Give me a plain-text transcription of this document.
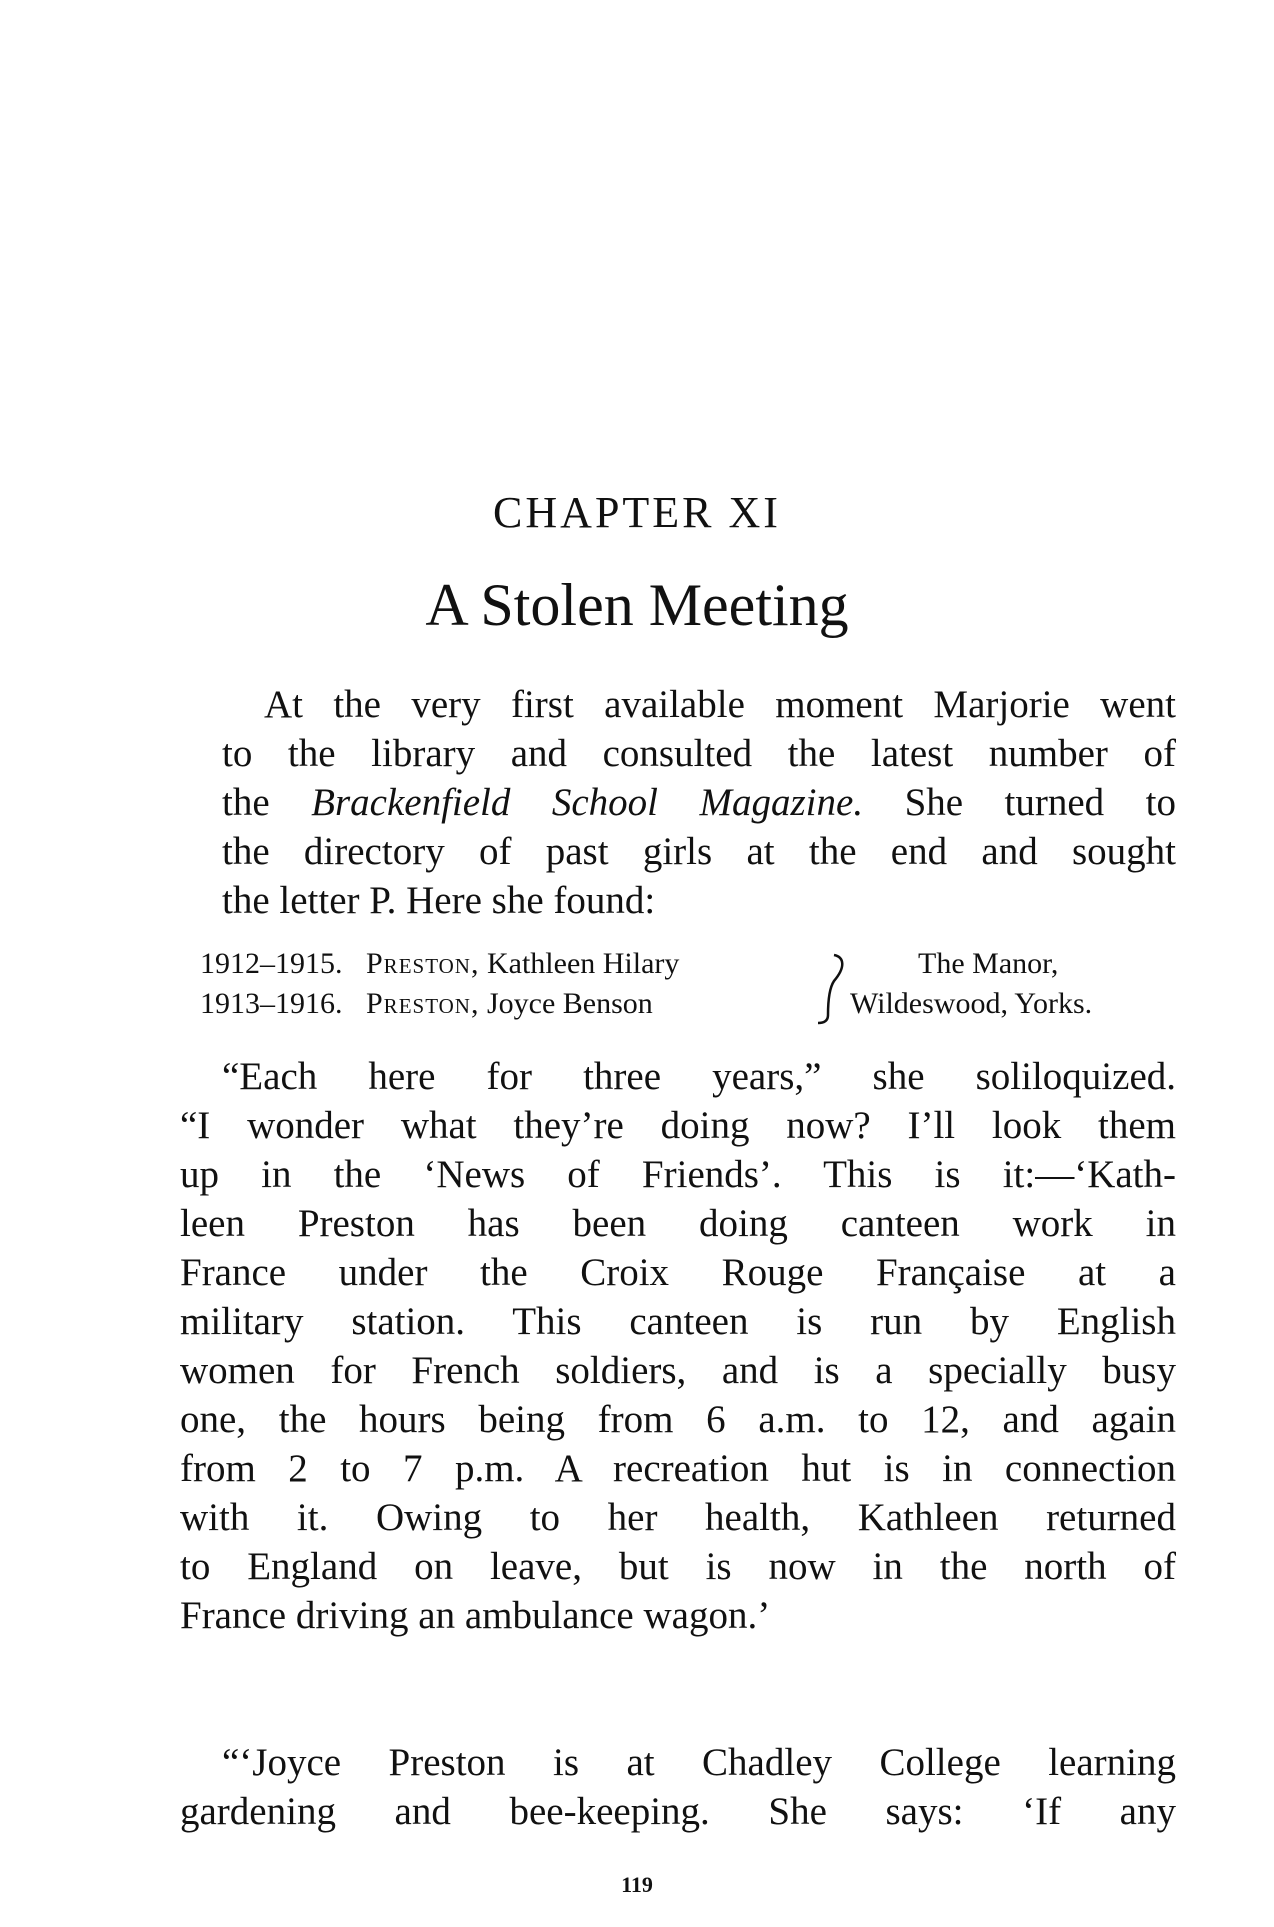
CHAPTER XI
A Stolen Meeting
At the very first available moment Marjorie went
to the library and consulted the latest number of
the Brackenfield School Magazine. She turned to
the directory of past girls at the end and sought
the letter P. Here she found:
1912–1915. Preston, Kathleen Hilary	The Manor,
1913–1916. Preston, Joyce Benson	Wildeswood, Yorks.
“Each here for three years,” she soliloquized.
“I wonder what they’re doing now? I’ll look them
up in the ‘News of Friends’. This is it:—‘Kath-
leen Preston has been doing canteen work in
France under the Croix Rouge Française at a
military station. This canteen is run by English
women for French soldiers, and is a specially busy
one, the hours being from 6 a.m. to 12, and again
from 2 to 7 p.m. A recreation hut is in connection
with it. Owing to her health, Kathleen returned
to England on leave, but is now in the north of
France driving an ambulance wagon.’
“‘Joyce Preston is at Chadley College learning
gardening and bee-keeping. She says: ‘If any
119
